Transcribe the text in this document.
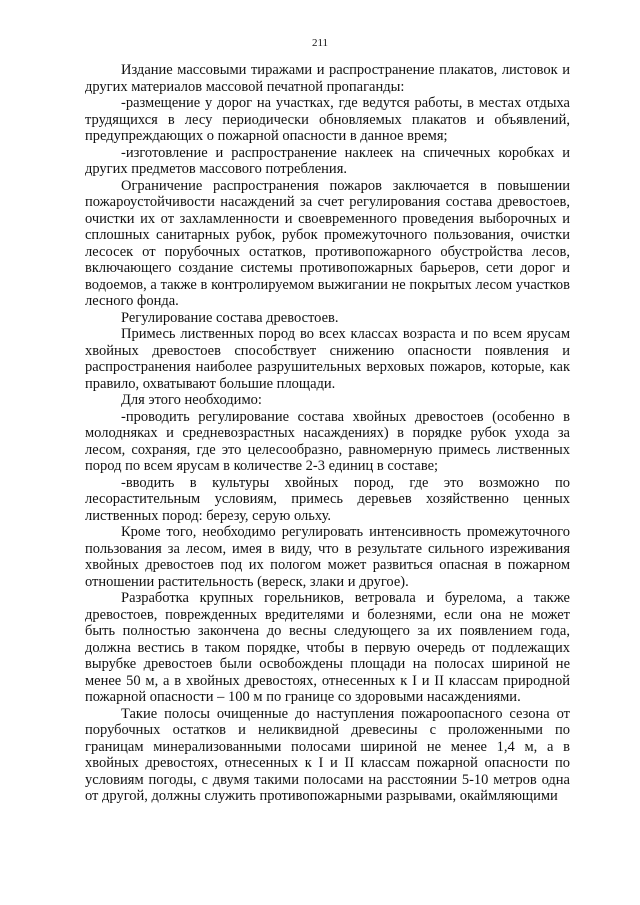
211

Издание массовыми тиражами и распространение плакатов, листовок и других материалов массовой печатной пропаганды:

-размещение у дорог на участках, где ведутся работы, в местах отдыха трудящихся в лесу периодически обновляемых плакатов и объявлений, предупреждающих о пожарной опасности в данное время;

-изготовление и распространение наклеек на спичечных коробках и других предметов массового потребления.

Ограничение распространения пожаров заключается в повышении пожароустойчивости насаждений за счет регулирования состава древостоев, очистки их от захламленности и своевременного проведения выборочных и сплошных санитарных рубок, рубок промежуточного пользования, очистки лесосек от порубочных остатков, противопожарного обустройства лесов, включающего создание системы противопожарных барьеров, сети дорог и водоемов, а также в контролируемом выжигании не покрытых лесом участков лесного фонда.

Регулирование состава древостоев.

Примесь лиственных пород во всех классах возраста и по всем ярусам хвойных древостоев способствует снижению опасности появления и распространения наиболее разрушительных верховых пожаров, которые, как правило, охватывают большие площади.

Для этого необходимо:

-проводить регулирование состава хвойных древостоев (особенно в молодняках и средневозрастных насаждениях) в порядке рубок ухода за лесом, сохраняя, где это целесообразно, равномерную примесь лиственных пород по всем ярусам в количестве 2-3 единиц в составе;

-вводить в культуры хвойных пород, где это возможно по лесорастительным условиям, примесь деревьев хозяйственно ценных лиственных пород: березу, серую ольху.

Кроме того, необходимо регулировать интенсивность промежуточного пользования за лесом, имея в виду, что в результате сильного изреживания хвойных древостоев под их пологом может развиться опасная в пожарном отношении растительность (вереск, злаки и другое).

Разработка крупных горельников, ветровала и бурелома, а также древостоев, поврежденных вредителями и болезнями, если она не может быть полностью закончена до весны следующего за их появлением года, должна вестись в таком порядке, чтобы в первую очередь от подлежащих вырубке древостоев были освобождены площади на полосах шириной не менее 50 м, а в хвойных древостоях, отнесенных к I и II классам природной пожарной опасности – 100 м по границе со здоровыми насаждениями.

Такие полосы очищенные до наступления пожароопасного сезона от порубочных остатков и неликвидной древесины с проложенными по границам минерализованными полосами шириной не менее 1,4 м, а в хвойных древостоях, отнесенных к I и II классам пожарной опасности по условиям погоды, с двумя такими полосами на расстоянии 5-10 метров одна от другой, должны служить противопожарными разрывами, окаймляющими
